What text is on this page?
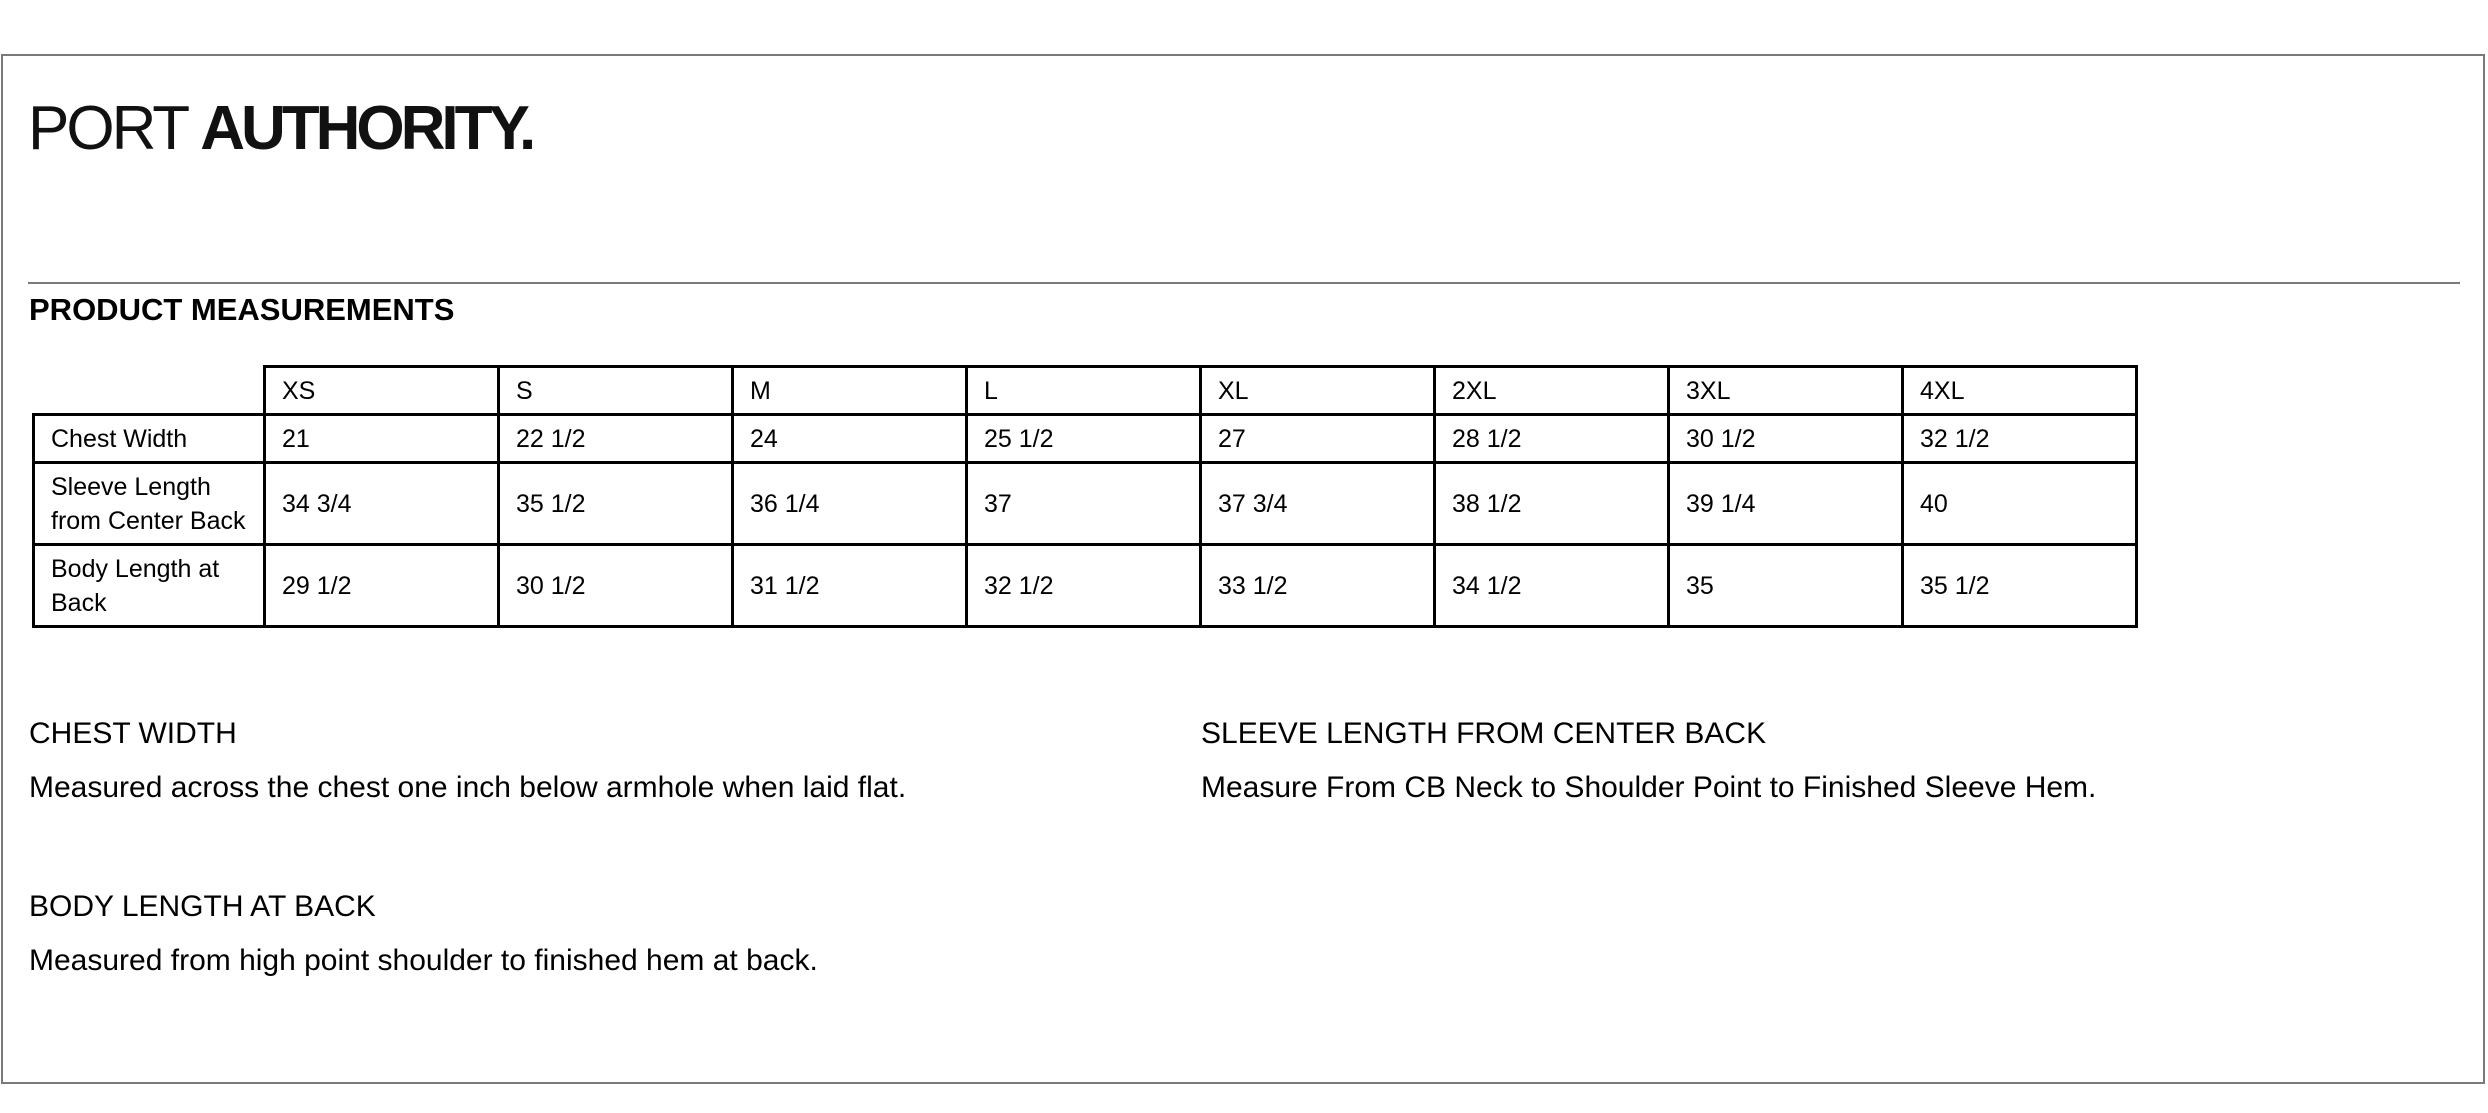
PORT AUTHORITY.
PRODUCT MEASUREMENTS
	XS	S	M	L	XL	2XL	3XL	4XL
Chest Width	21	22 1/2	24	25 1/2	27	28 1/2	30 1/2	32 1/2
Sleeve Length from Center Back	34 3/4	35 1/2	36 1/4	37	37 3/4	38 1/2	39 1/4	40
Body Length at Back	29 1/2	30 1/2	31 1/2	32 1/2	33 1/2	34 1/2	35	35 1/2
CHEST WIDTH

Measured across the chest one inch below armhole when laid flat.

SLEEVE LENGTH FROM CENTER BACK

Measure From CB Neck to Shoulder Point to Finished Sleeve Hem.

BODY LENGTH AT BACK

Measured from high point shoulder to finished hem at back.
